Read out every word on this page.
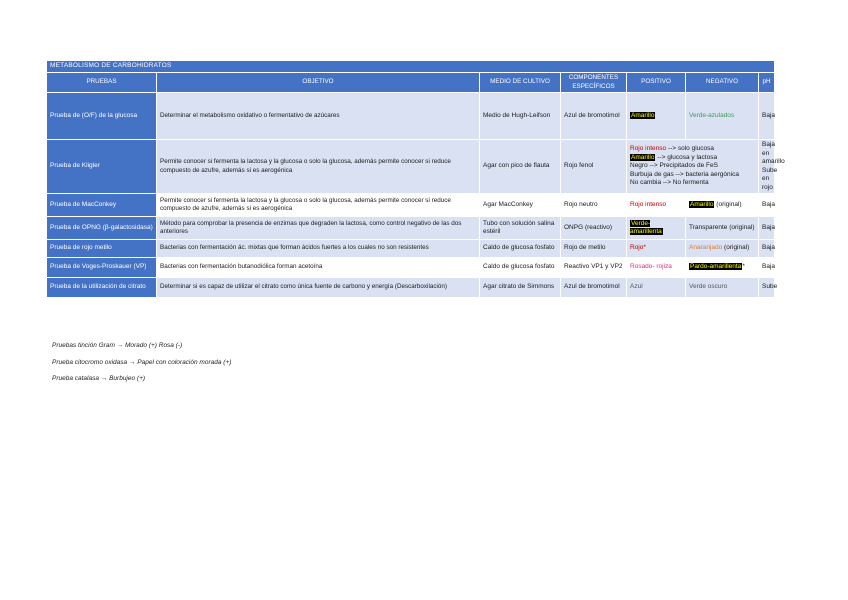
METABOLISMO DE CARBOHIDRATOS						
PRUEBAS	OBJETIVO	MEDIO DE CULTIVO	COMPONENTES ESPECÍFICOS	POSITIVO	NEGATIVO	pH
Prueba de (O/F) de la glucosa	Determinar el metabolismo oxidativo o fermentativo de azúcares	Medio de Hugh-Leifson	Azul de bromotimol	Amarillo	Verde-azulados	Baja
Prueba de Kligler	Permite conocer si fermenta la lactosa y la glucosa o solo la glucosa, además permite conocer si reduce compuesto de azufre, además si es aerogénica	Agar con pico de flauta	Rojo fenol	Rojo intenso --> solo glucosa
Amarillo --> glucosa y lactosa
Negro --> Precipitados de FeS
Burbuja de gas --> bacteria aergónica
No cambia --> No fermenta		Baja en amarillo Sube en rojo
Prueba de MacConkey	Permite conocer si fermenta la lactosa y la glucosa o solo la glucosa, además permite conocer si reduce compuesto de azufre, además si es aerogénica	Agar MacConkey	Rojo neutro	Rojo intenso	Amarillo (original)	Baja
Prueba de OPNG (β-galactosidasa)	Método para comprobar la presencia de enzimas que degraden la lactosa, como control negativo de las dos anteriores	Tubo con solución salina estéril	ONPG (reactivo)	Verde-amarillenta	Transparente (original)	Baja
Prueba de rojo metilo	Bacterias con fermentación ác. mixtas que forman ácidos fuertes a los cuales no son resistentes	Caldo de glucosa fosfato	Rojo de metilo	Rojo*	Anaranjado (original)	Baja
Prueba de Voges-Proskauer (VP)	Bacterias con fermentación butanodiólica forman acetoína	Caldo de glucosa fosfato	Reactivo VP1 y VP2	Rosado- rojiza	Pardo-amarillenta*	Baja
Prueba de la utilización de citrato	Determinar si es capaz de utilizar el citrato como única fuente de carbono y energía (Descarboxilación)	Agar citrato de Simmons	Azul de bromotimol	Azul	Verde oscuro	Sube
Pruebas tinción Gram → Morado (+) Rosa (-)
Prueba citocromo oxidasa → Papel con coloración morada (+)
Prueba catalasa → Burbujeo (+)
